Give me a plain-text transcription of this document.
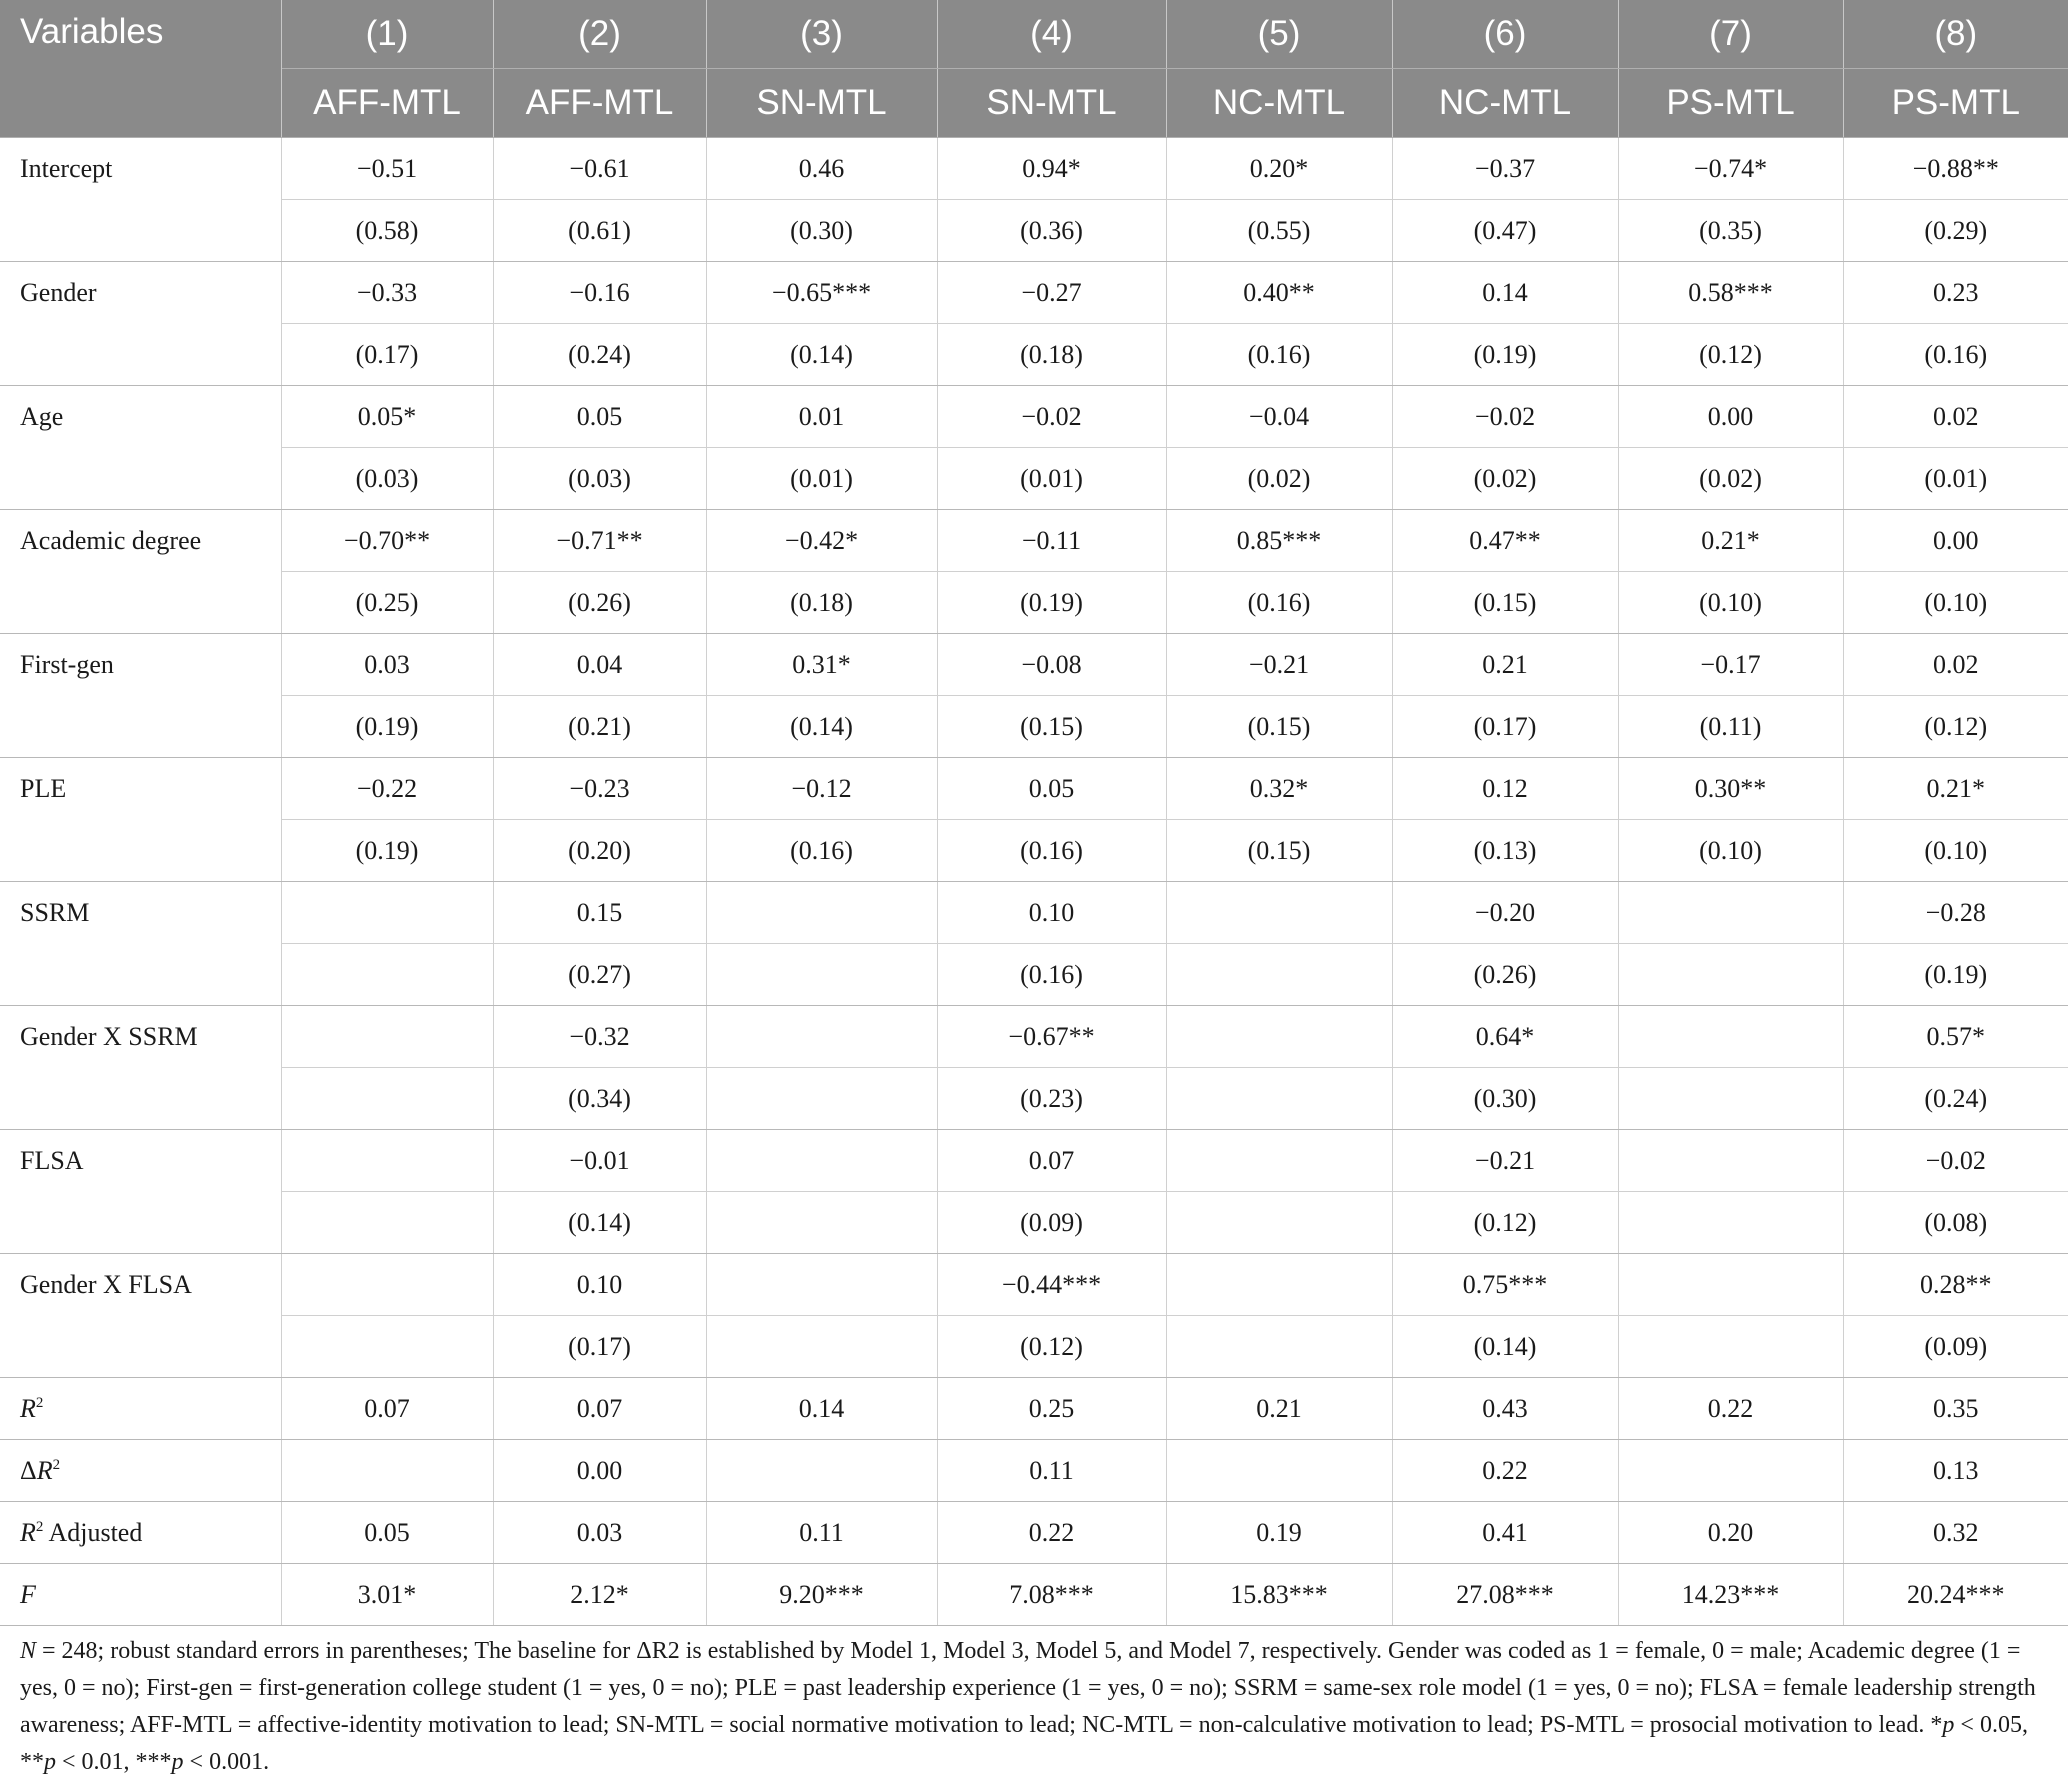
Variables	(1)	(2)	(3)	(4)	(5)	(6)	(7)	(8)
	AFF-MTL	AFF-MTL	SN-MTL	SN-MTL	NC-MTL	NC-MTL	PS-MTL	PS-MTL
Intercept	−0.51	−0.61	0.46	0.94*	0.20*	−0.37	−0.74*	−0.88**
	(0.58)	(0.61)	(0.30)	(0.36)	(0.55)	(0.47)	(0.35)	(0.29)
Gender	−0.33	−0.16	−0.65***	−0.27	0.40**	0.14	0.58***	0.23
	(0.17)	(0.24)	(0.14)	(0.18)	(0.16)	(0.19)	(0.12)	(0.16)
Age	0.05*	0.05	0.01	−0.02	−0.04	−0.02	0.00	0.02
	(0.03)	(0.03)	(0.01)	(0.01)	(0.02)	(0.02)	(0.02)	(0.01)
Academic degree	−0.70**	−0.71**	−0.42*	−0.11	0.85***	0.47**	0.21*	0.00
	(0.25)	(0.26)	(0.18)	(0.19)	(0.16)	(0.15)	(0.10)	(0.10)
First-gen	0.03	0.04	0.31*	−0.08	−0.21	0.21	−0.17	0.02
	(0.19)	(0.21)	(0.14)	(0.15)	(0.15)	(0.17)	(0.11)	(0.12)
PLE	−0.22	−0.23	−0.12	0.05	0.32*	0.12	0.30**	0.21*
	(0.19)	(0.20)	(0.16)	(0.16)	(0.15)	(0.13)	(0.10)	(0.10)
SSRM		0.15		0.10		−0.20		−0.28
		(0.27)		(0.16)		(0.26)		(0.19)
Gender X SSRM		−0.32		−0.67**		0.64*		0.57*
		(0.34)		(0.23)		(0.30)		(0.24)
FLSA		−0.01		0.07		−0.21		−0.02
		(0.14)		(0.09)		(0.12)		(0.08)
Gender X FLSA		0.10		−0.44***		0.75***		0.28**
		(0.17)		(0.12)		(0.14)		(0.09)
$R^2$	0.07	0.07	0.14	0.25	0.21	0.43	0.22	0.35
$\Delta R^2$		0.00		0.11		0.22		0.13
$R^2$ Adjusted	0.05	0.03	0.11	0.22	0.19	0.41	0.20	0.32
F	3.01*	2.12*	9.20***	7.08***	15.83***	27.08***	14.23***	20.24***
N = 248; robust standard errors in parentheses; The baseline for ΔR2 is established by Model 1, Model 3, Model 5, and Model 7, respectively. Gender was coded as 1 = female, 0 = male; Academic degree (1 = yes, 0 = no); First-gen = first-generation college student (1 = yes, 0 = no); PLE = past leadership experience (1 = yes, 0 = no); SSRM = same-sex role model (1 = yes, 0 = no); FLSA = female leadership strength awareness; AFF-MTL = affective-identity motivation to lead; SN-MTL = social normative motivation to lead; NC-MTL = non-calculative motivation to lead; PS-MTL = prosocial motivation to lead. *p < 0.05, **p < 0.01, ***p < 0.001.
